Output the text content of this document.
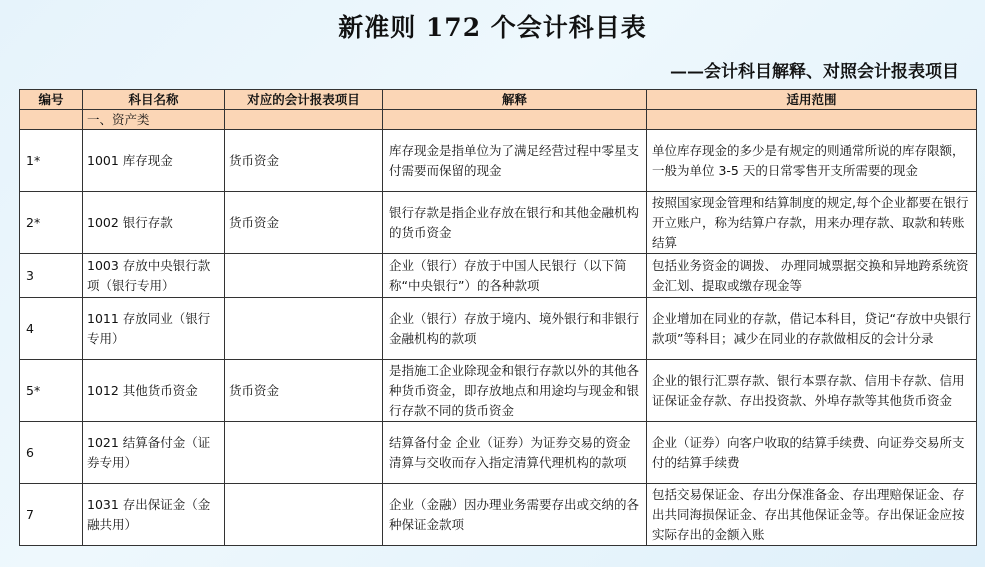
新准则 172 个会计科目表
——会计科目解释、对照会计报表项目
编号	科目名称	对应的会计报表项目	解释	适用范围
	一、资产类			
1*	1001 库存现金	货币资金	库存现金是指单位为了满足经营过程中零星支付需要而保留的现金	单位库存现金的多少是有规定的则通常所说的库存限额，一般为单位 3-5 天的日常零售开支所需要的现金
2*	1002 银行存款	货币资金	银行存款是指企业存放在银行和其他金融机构的货币资金	按照国家现金管理和结算制度的规定,每个企业都要在银行开立账户，称为结算户存款，用来办理存款、取款和转账结算
3	1003 存放中央银行款项（银行专用）		企业（银行）存放于中国人民银行（以下简称“中央银行”）的各种款项	包括业务资金的调拨、 办理同城票据交换和异地跨系统资金汇划、提取或缴存现金等
4	1011 存放同业（银行专用）		企业（银行）存放于境内、境外银行和非银行金融机构的款项	企业增加在同业的存款，借记本科目，贷记“存放中央银行款项”等科目；减少在同业的存款做相反的会计分录
5*	1012 其他货币资金	货币资金	是指施工企业除现金和银行存款以外的其他各种货币资金，即存放地点和用途均与现金和银行存款不同的货币资金	企业的银行汇票存款、银行本票存款、信用卡存款、信用证保证金存款、存出投资款、外埠存款等其他货币资金
6	1021 结算备付金（证券专用）		结算备付金 企业（证券）为证券交易的资金清算与交收而存入指定清算代理机构的款项	企业（证券）向客户收取的结算手续费、向证券交易所支付的结算手续费
7	1031 存出保证金（金融共用）		企业（金融）因办理业务需要存出或交纳的各种保证金款项	包括交易保证金、存出分保准备金、存出理赔保证金、存出共同海损保证金、存出其他保证金等。存出保证金应按实际存出的金额入账
